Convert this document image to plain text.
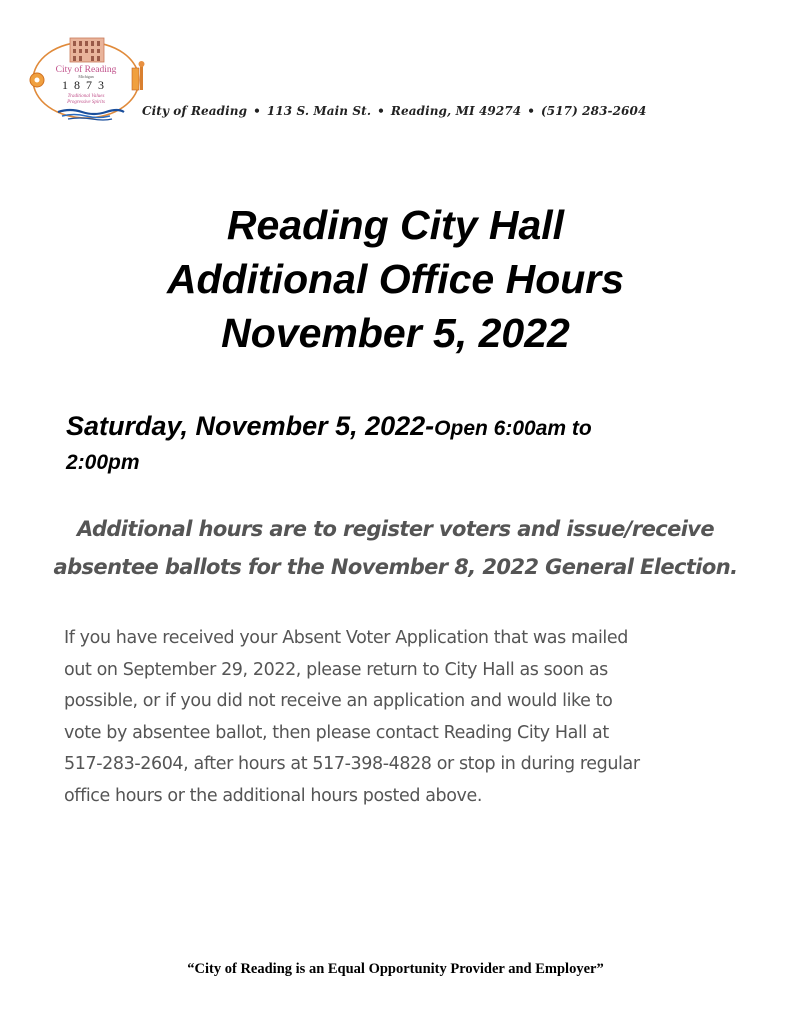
City of Reading
Michigan
1873
Traditional Values
Progressive Spirits
City of Reading • 113 S. Main St. • Reading, MI 49274 • (517) 283-2604
Reading City Hall
Additional Office Hours
November 5, 2022
Saturday, November 5, 2022-Open 6:00am to
2:00pm
Additional hours are to register voters and issue/receive
absentee ballots for the November 8, 2022 General Election.
If you have received your Absent Voter Application that was mailed
out on September 29, 2022, please return to City Hall as soon as
possible, or if you did not receive an application and would like to
vote by absentee ballot, then please contact Reading City Hall at
517-283-2604, after hours at 517-398-4828 or stop in during regular
office hours or the additional hours posted above.
“City of Reading is an Equal Opportunity Provider and Employer”
